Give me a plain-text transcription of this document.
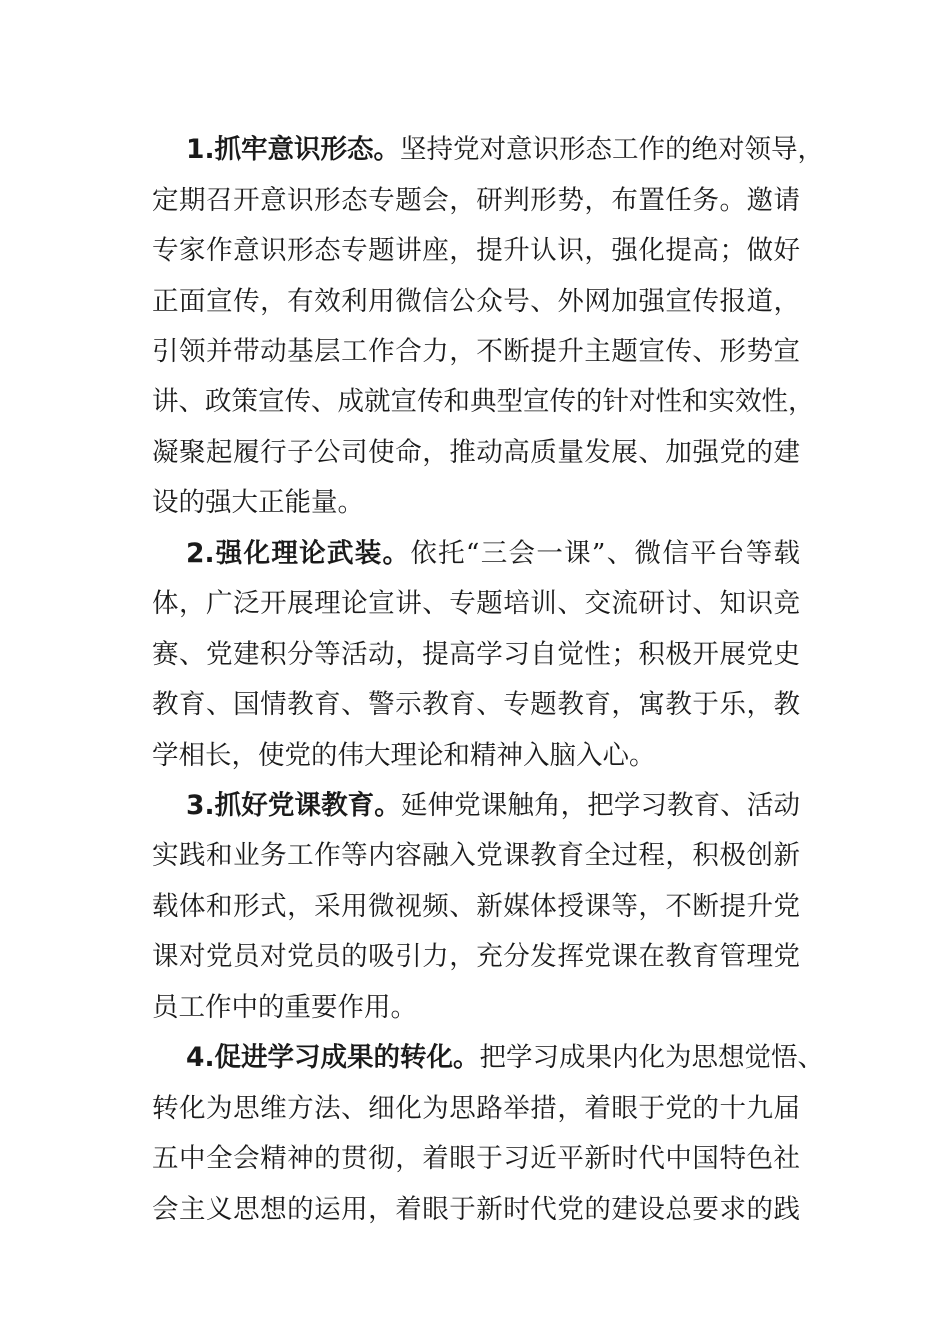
1.抓牢意识形态。坚持党对意识形态工作的绝对领导，
定期召开意识形态专题会，研判形势，布置任务。邀请
专家作意识形态专题讲座，提升认识，强化提高；做好
正面宣传，有效利用微信公众号、外网加强宣传报道，
引领并带动基层工作合力，不断提升主题宣传、形势宣
讲、政策宣传、成就宣传和典型宣传的针对性和实效性，
凝聚起履行子公司使命，推动高质量发展、加强党的建
设的强大正能量。
2.强化理论武装。依托“三会一课”、微信平台等载
体，广泛开展理论宣讲、专题培训、交流研讨、知识竞
赛、党建积分等活动，提高学习自觉性；积极开展党史
教育、国情教育、警示教育、专题教育，寓教于乐，教
学相长，使党的伟大理论和精神入脑入心。
3.抓好党课教育。延伸党课触角，把学习教育、活动
实践和业务工作等内容融入党课教育全过程，积极创新
载体和形式，采用微视频、新媒体授课等，不断提升党
课对党员对党员的吸引力，充分发挥党课在教育管理党
员工作中的重要作用。
4.促进学习成果的转化。把学习成果内化为思想觉悟、
转化为思维方法、细化为思路举措，着眼于党的十九届
五中全会精神的贯彻，着眼于习近平新时代中国特色社
会主义思想的运用，着眼于新时代党的建设总要求的践
